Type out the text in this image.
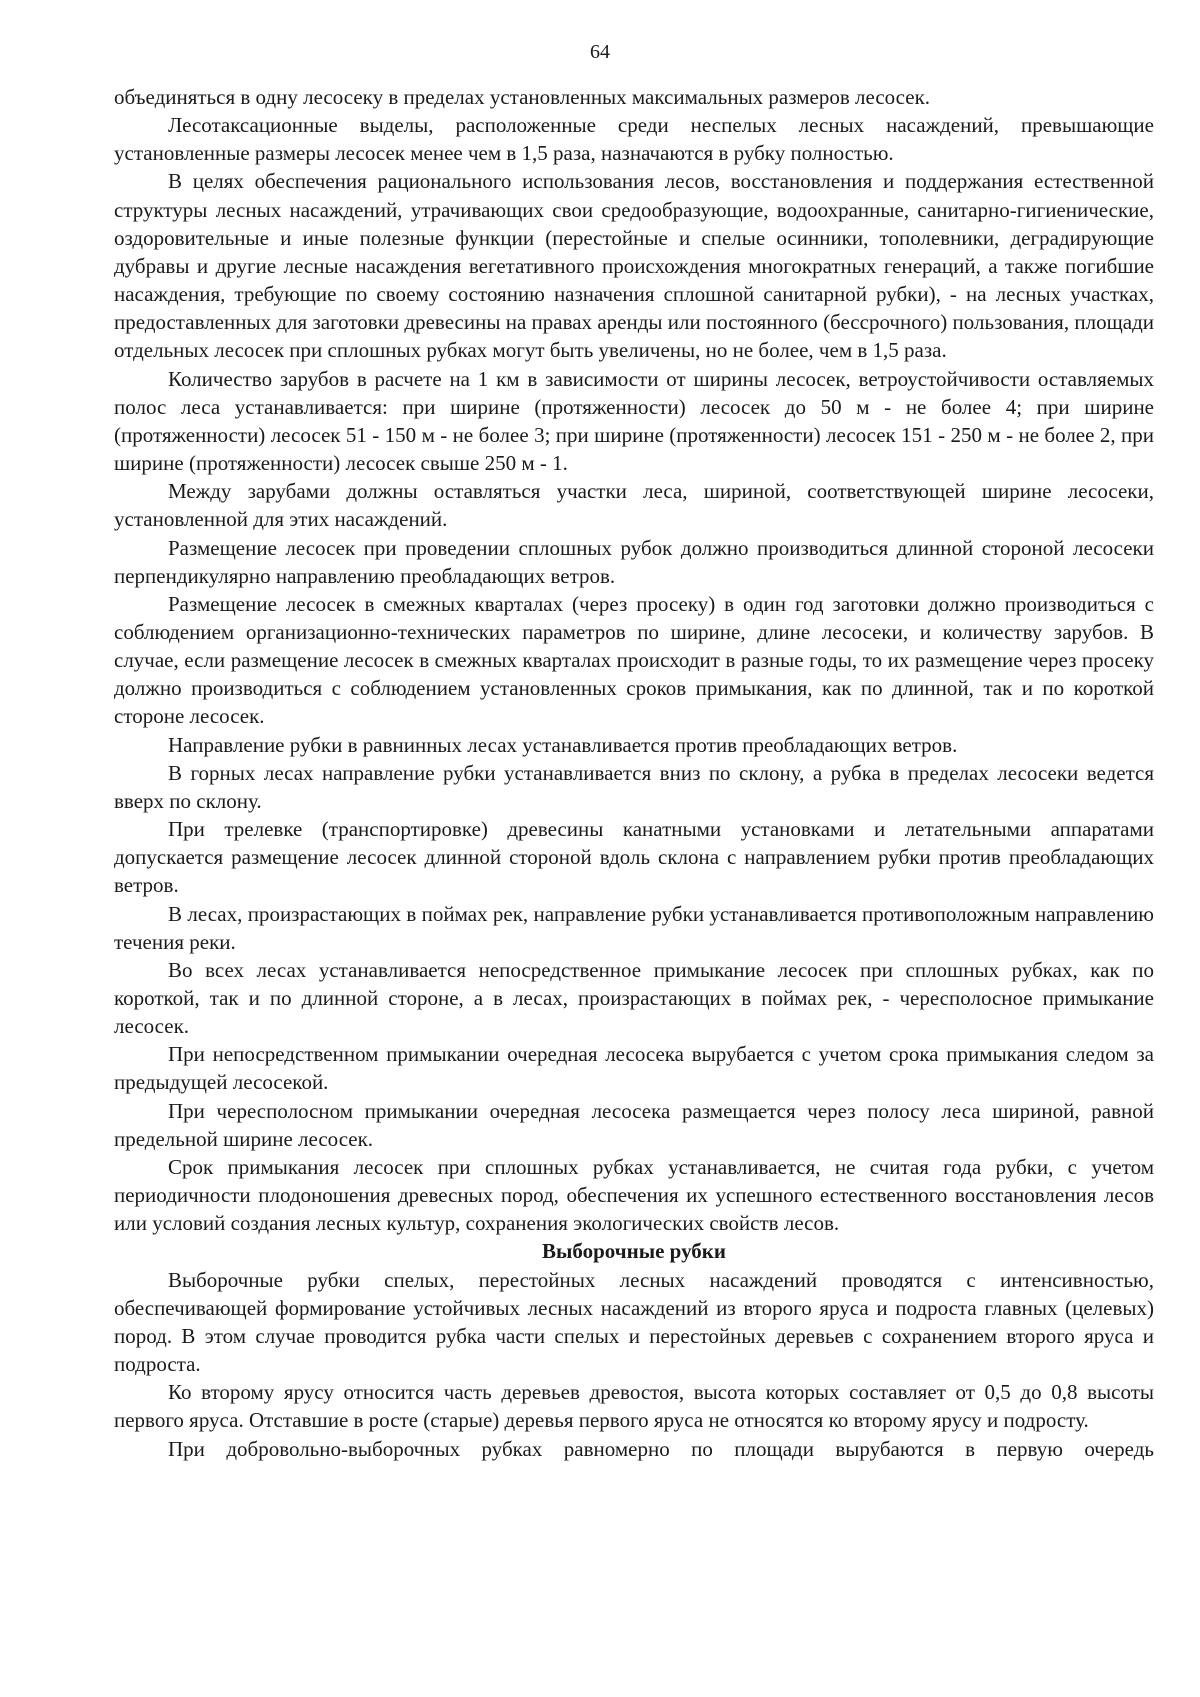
64

объединяться в одну лесосеку в пределах установленных максимальных размеров лесосек.

Лесотаксационные выделы, расположенные среди неспелых лесных насаждений, превышающие установленные размеры лесосек менее чем в 1,5 раза, назначаются в рубку полностью.

В целях обеспечения рационального использования лесов, восстановления и поддержания естественной структуры лесных насаждений, утрачивающих свои средообразующие, водоохранные, санитарно-гигиенические, оздоровительные и иные полезные функции (перестойные и спелые осинники, тополевники, деградирующие дубравы и другие лесные насаждения вегетативного происхождения многократных генераций, а также погибшие насаждения, требующие по своему состоянию назначения сплошной санитарной рубки), - на лесных участках, предоставленных для заготовки древесины на правах аренды или постоянного (бессрочного) пользования, площади отдельных лесосек при сплошных рубках могут быть увеличены, но не более, чем в 1,5 раза.

Количество зарубов в расчете на 1 км в зависимости от ширины лесосек, ветроустойчивости оставляемых полос леса устанавливается: при ширине (протяженности) лесосек до 50 м - не более 4; при ширине (протяженности) лесосек 51 - 150 м - не более 3; при ширине (протяженности) лесосек 151 - 250 м - не более 2, при ширине (протяженности) лесосек свыше 250 м - 1.

Между зарубами должны оставляться участки леса, шириной, соответствующей ширине лесосеки, установленной для этих насаждений.

Размещение лесосек при проведении сплошных рубок должно производиться длинной стороной лесосеки перпендикулярно направлению преобладающих ветров.

Размещение лесосек в смежных кварталах (через просеку) в один год заготовки должно производиться с соблюдением организационно-технических параметров по ширине, длине лесосеки, и количеству зарубов. В случае, если размещение лесосек в смежных кварталах происходит в разные годы, то их размещение через просеку должно производиться с соблюдением установленных сроков примыкания, как по длинной, так и по короткой стороне лесосек.

Направление рубки в равнинных лесах устанавливается против преобладающих ветров.

В горных лесах направление рубки устанавливается вниз по склону, а рубка в пределах лесосеки ведется вверх по склону.

При трелевке (транспортировке) древесины канатными установками и летательными аппаратами допускается размещение лесосек длинной стороной вдоль склона с направлением рубки против преобладающих ветров.

В лесах, произрастающих в поймах рек, направление рубки устанавливается противоположным направлению течения реки.

Во всех лесах устанавливается непосредственное примыкание лесосек при сплошных рубках, как по короткой, так и по длинной стороне, а в лесах, произрастающих в поймах рек, - чересполосное примыкание лесосек.

При непосредственном примыкании очередная лесосека вырубается с учетом срока примыкания следом за предыдущей лесосекой.

При чересполосном примыкании очередная лесосека размещается через полосу леса шириной, равной предельной ширине лесосек.

Срок примыкания лесосек при сплошных рубках устанавливается, не считая года рубки, с учетом периодичности плодоношения древесных пород, обеспечения их успешного естественного восстановления лесов или условий создания лесных культур, сохранения экологических свойств лесов.

Выборочные рубки

Выборочные рубки спелых, перестойных лесных насаждений проводятся с интенсивностью, обеспечивающей формирование устойчивых лесных насаждений из второго яруса и подроста главных (целевых) пород. В этом случае проводится рубка части спелых и перестойных деревьев с сохранением второго яруса и подроста.

Ко второму ярусу относится часть деревьев древостоя, высота которых составляет от 0,5 до 0,8 высоты первого яруса. Отставшие в росте (старые) деревья первого яруса не относятся ко второму ярусу и подросту.

При добровольно-выборочных рубках равномерно по площади вырубаются в первую очередь
